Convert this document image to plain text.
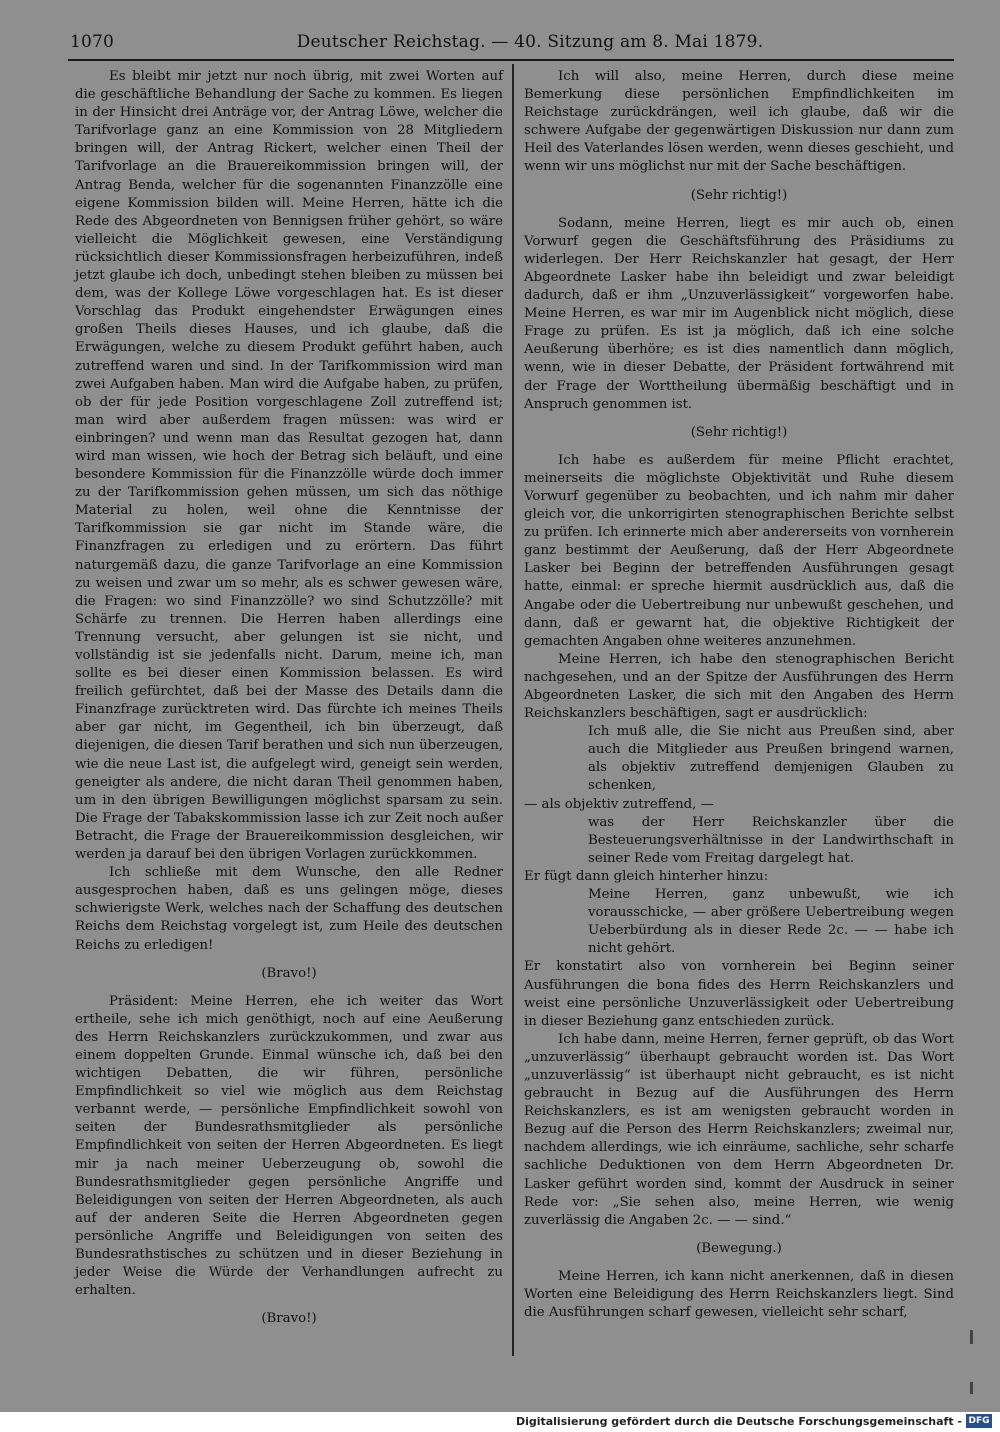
1070	Deutscher Reichstag. — 40. Sitzung am 8. Mai 1879.

Es bleibt mir jetzt nur noch übrig, mit zwei Worten auf die geschäftliche Behandlung der Sache zu kommen. Es liegen in der Hinsicht drei Anträge vor, der Antrag Löwe, welcher die Tarifvorlage ganz an eine Kommission von 28 Mitgliedern bringen will, der Antrag Rickert, welcher einen Theil der Tarifvorlage an die Brauereikommission bringen will, der Antrag Benda, welcher für die sogenannten Finanzzölle eine eigene Kommission bilden will. Meine Herren, hätte ich die Rede des Abgeordneten von Bennigsen früher gehört, so wäre vielleicht die Möglichkeit gewesen, eine Verständigung rücksichtlich dieser Kommissionsfragen herbeizuführen, indeß jetzt glaube ich doch, unbedingt stehen bleiben zu müssen bei dem, was der Kollege Löwe vorgeschlagen hat. Es ist dieser Vorschlag das Produkt eingehendster Erwägungen eines großen Theils dieses Hauses, und ich glaube, daß die Erwägungen, welche zu diesem Produkt geführt haben, auch zutreffend waren und sind. In der Tarifkommission wird man zwei Aufgaben haben. Man wird die Aufgabe haben, zu prüfen, ob der für jede Position vorgeschlagene Zoll zutreffend ist; man wird aber außerdem fragen müssen: was wird er einbringen? und wenn man das Resultat gezogen hat, dann wird man wissen, wie hoch der Betrag sich beläuft, und eine besondere Kommission für die Finanzzölle würde doch immer zu der Tarifkommission gehen müssen, um sich das nöthige Material zu holen, weil ohne die Kenntnisse der Tarifkommission sie gar nicht im Stande wäre, die Finanzfragen zu erledigen und zu erörtern. Das führt naturgemäß dazu, die ganze Tarifvorlage an eine Kommission zu weisen und zwar um so mehr, als es schwer gewesen wäre, die Fragen: wo sind Finanzzölle? wo sind Schutzzölle? mit Schärfe zu trennen. Die Herren haben allerdings eine Trennung versucht, aber gelungen ist sie nicht, und vollständig ist sie jedenfalls nicht. Darum, meine ich, man sollte es bei dieser einen Kommission belassen. Es wird freilich gefürchtet, daß bei der Masse des Details dann die Finanzfrage zurücktreten wird. Das fürchte ich meines Theils aber gar nicht, im Gegentheil, ich bin überzeugt, daß diejenigen, die diesen Tarif berathen und sich nun überzeugen, wie die neue Last ist, die aufgelegt wird, geneigt sein werden, geneigter als andere, die nicht daran Theil genommen haben, um in den übrigen Bewilligungen möglichst sparsam zu sein. Die Frage der Tabakskommission lasse ich zur Zeit noch außer Betracht, die Frage der Brauereikommission desgleichen, wir werden ja darauf bei den übrigen Vorlagen zurückkommen.

Ich schließe mit dem Wunsche, den alle Redner ausgesprochen haben, daß es uns gelingen möge, dieses schwierigste Werk, welches nach der Schaffung des deutschen Reichs dem Reichstag vorgelegt ist, zum Heile des deutschen Reichs zu erledigen!

(Bravo!)

Präsident: Meine Herren, ehe ich weiter das Wort ertheile, sehe ich mich genöthigt, noch auf eine Aeußerung des Herrn Reichskanzlers zurückzukommen, und zwar aus einem doppelten Grunde. Einmal wünsche ich, daß bei den wichtigen Debatten, die wir führen, persönliche Empfindlichkeit so viel wie möglich aus dem Reichstag verbannt werde, — persönliche Empfindlichkeit sowohl von seiten der Bundesrathsmitglieder als persönliche Empfindlichkeit von seiten der Herren Abgeordneten. Es liegt mir ja nach meiner Ueberzeugung ob, sowohl die Bundesrathsmitglieder gegen persönliche Angriffe und Beleidigungen von seiten der Herren Abgeordneten, als auch auf der anderen Seite die Herren Abgeordneten gegen persönliche Angriffe und Beleidigungen von seiten des Bundesrathstisches zu schützen und in dieser Beziehung in jeder Weise die Würde der Verhandlungen aufrecht zu erhalten.

(Bravo!)

Ich will also, meine Herren, durch diese meine Bemerkung diese persönlichen Empfindlichkeiten im Reichstage zurückdrängen, weil ich glaube, daß wir die schwere Aufgabe der gegenwärtigen Diskussion nur dann zum Heil des Vaterlandes lösen werden, wenn dieses geschieht, und wenn wir uns möglichst nur mit der Sache beschäftigen.

(Sehr richtig!)

Sodann, meine Herren, liegt es mir auch ob, einen Vorwurf gegen die Geschäftsführung des Präsidiums zu widerlegen. Der Herr Reichskanzler hat gesagt, der Herr Abgeordnete Lasker habe ihn beleidigt und zwar beleidigt dadurch, daß er ihm „Unzuverlässigkeit“ vorgeworfen habe. Meine Herren, es war mir im Augenblick nicht möglich, diese Frage zu prüfen. Es ist ja möglich, daß ich eine solche Aeußerung überhöre; es ist dies namentlich dann möglich, wenn, wie in dieser Debatte, der Präsident fortwährend mit der Frage der Worttheilung übermäßig beschäftigt und in Anspruch genommen ist.

(Sehr richtig!)

Ich habe es außerdem für meine Pflicht erachtet, meinerseits die möglichste Objektivität und Ruhe diesem Vorwurf gegenüber zu beobachten, und ich nahm mir daher gleich vor, die unkorrigirten stenographischen Berichte selbst zu prüfen. Ich erinnerte mich aber andererseits von vornherein ganz bestimmt der Aeußerung, daß der Herr Abgeordnete Lasker bei Beginn der betreffenden Ausführungen gesagt hatte, einmal: er spreche hiermit ausdrücklich aus, daß die Angabe oder die Uebertreibung nur unbewußt geschehen, und dann, daß er gewarnt hat, die objektive Richtigkeit der gemachten Angaben ohne weiteres anzunehmen.

Meine Herren, ich habe den stenographischen Bericht nachgesehen, und an der Spitze der Ausführungen des Herrn Abgeordneten Lasker, die sich mit den Angaben des Herrn Reichskanzlers beschäftigen, sagt er ausdrücklich:

Ich muß alle, die Sie nicht aus Preußen sind, aber auch die Mitglieder aus Preußen bringend warnen, als objektiv zutreffend demjenigen Glauben zu schenken,

— als objektiv zutreffend, —

was der Herr Reichskanzler über die Besteuerungsverhältnisse in der Landwirthschaft in seiner Rede vom Freitag dargelegt hat.

Er fügt dann gleich hinterher hinzu:

Meine Herren, ganz unbewußt, wie ich vorausschicke, — aber größere Uebertreibung wegen Ueberbürdung als in dieser Rede 2c. — — habe ich nicht gehört.

Er konstatirt also von vornherein bei Beginn seiner Ausführungen die bona fides des Herrn Reichskanzlers und weist eine persönliche Unzuverlässigkeit oder Uebertreibung in dieser Beziehung ganz entschieden zurück.

Ich habe dann, meine Herren, ferner geprüft, ob das Wort „unzuverlässig“ überhaupt gebraucht worden ist. Das Wort „unzuverlässig“ ist überhaupt nicht gebraucht, es ist nicht gebraucht in Bezug auf die Ausführungen des Herrn Reichskanzlers, es ist am wenigsten gebraucht worden in Bezug auf die Person des Herrn Reichskanzlers; zweimal nur, nachdem allerdings, wie ich einräume, sachliche, sehr scharfe sachliche Deduktionen von dem Herrn Abgeordneten Dr. Lasker geführt worden sind, kommt der Ausdruck in seiner Rede vor: „Sie sehen also, meine Herren, wie wenig zuverlässig die Angaben 2c. — — sind.“

(Bewegung.)

Meine Herren, ich kann nicht anerkennen, daß in diesen Worten eine Beleidigung des Herrn Reichskanzlers liegt. Sind die Ausführungen scharf gewesen, vielleicht sehr scharf,

Digitalisierung gefördert durch die Deutsche Forschungsgemeinschaft - DFG
